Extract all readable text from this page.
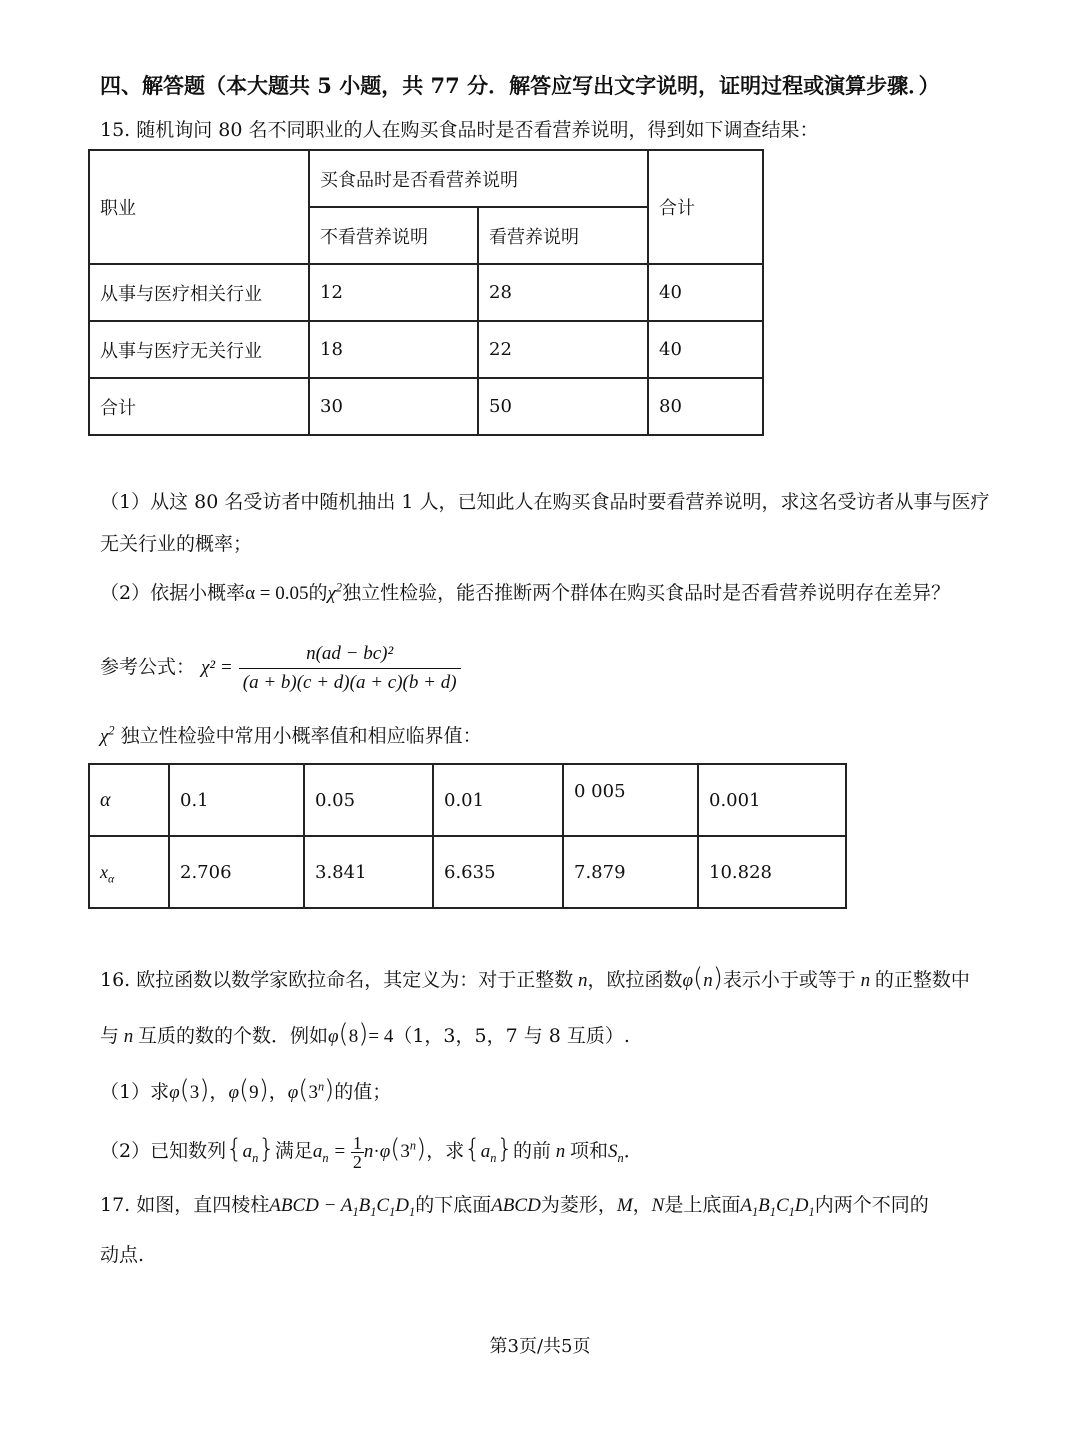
四、解答题（本大题共 5 小题，共 77 分．解答应写出文字说明，证明过程或演算步骤．）
15. 随机询问 80 名不同职业的人在购买食品时是否看营养说明，得到如下调查结果：
职业	买食品时是否看营养说明		合计
	不看营养说明	看营养说明	
从事与医疗相关行业	12	28	40
从事与医疗无关行业	18	22	40
合计	30	50	80
（1）从这 80 名受访者中随机抽出 1 人，已知此人在购买食品时要看营养说明，求这名受访者从事与医疗
无关行业的概率；
（2）依据小概率α = 0.05的$\chi^2$独立性检验，能否推断两个群体在购买食品时是否看营养说明存在差异？
参考公式： $\chi^2 = \frac{\text{n(ad − bc)²}}{(a + b)(c + d)(a + c)(b + d)}$
$\chi^2$ 独立性检验中常用小概率值和相应临界值：
α	0.1	0.05	0.01	0 005	0.001
$x_\alpha$	2.706	3.841	6.635	7.879	10.828
16. 欧拉函数以数学家欧拉命名，其定义为：对于正整数 n，欧拉函数φ(n)表示小于或等于 n 的正整数中
与 n 互质的数的个数．例如φ(8)= 4（1，3，5，7 与 8 互质）.
（1）求φ(3)，φ(9)，φ(3$^n$)的值；
（2）已知数列$\{a_n\}$满足$a_n = \frac{1}{2} n\cdot\varphi(3^n)$，求$\{a_n\}$的前 n 项和$S_n$．
17. 如图，直四棱柱ABCD − $A_1B_1C_1D_1$的下底面ABCD为菱形，M，N是上底面$A_1B_1C_1D_1$内两个不同的
动点.
第3页/共5页
